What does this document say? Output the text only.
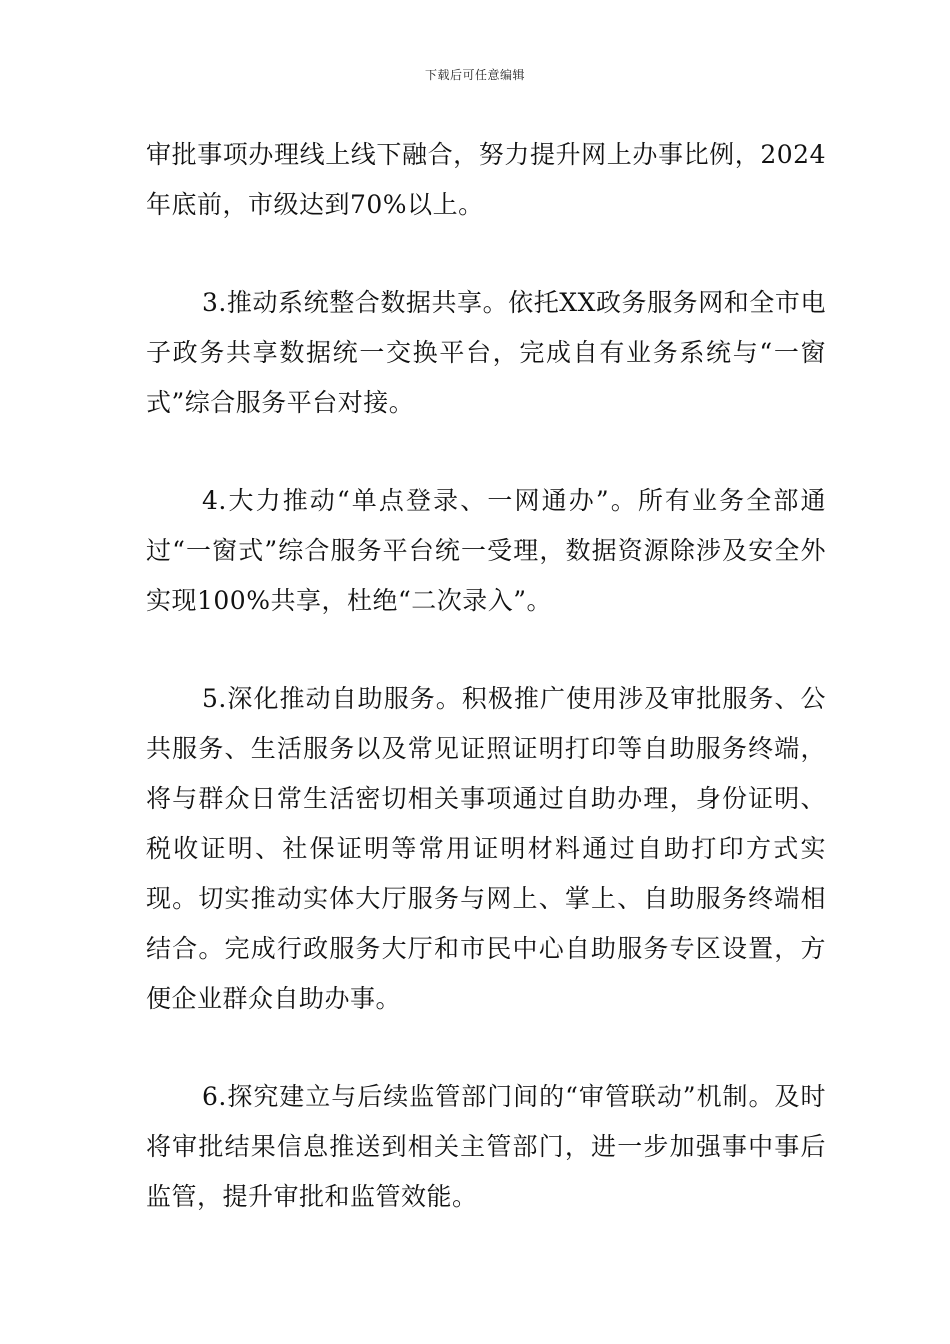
下载后可任意编辑

审批事项办理线上线下融合，努力提升网上办事比例，2024年底前，市级达到70%以上。

3.推动系统整合数据共享。依托XX政务服务网和全市电子政务共享数据统一交换平台，完成自有业务系统与“一窗式”综合服务平台对接。

4.大力推动“单点登录、一网通办”。所有业务全部通过“一窗式”综合服务平台统一受理，数据资源除涉及安全外实现100%共享，杜绝“二次录入”。

5.深化推动自助服务。积极推广使用涉及审批服务、公共服务、生活服务以及常见证照证明打印等自助服务终端，将与群众日常生活密切相关事项通过自助办理，身份证明、税收证明、社保证明等常用证明材料通过自助打印方式实现。切实推动实体大厅服务与网上、掌上、自助服务终端相结合。完成行政服务大厅和市民中心自助服务专区设置，方便企业群众自助办事。

6.探究建立与后续监管部门间的“审管联动”机制。及时将审批结果信息推送到相关主管部门，进一步加强事中事后监管，提升审批和监管效能。
